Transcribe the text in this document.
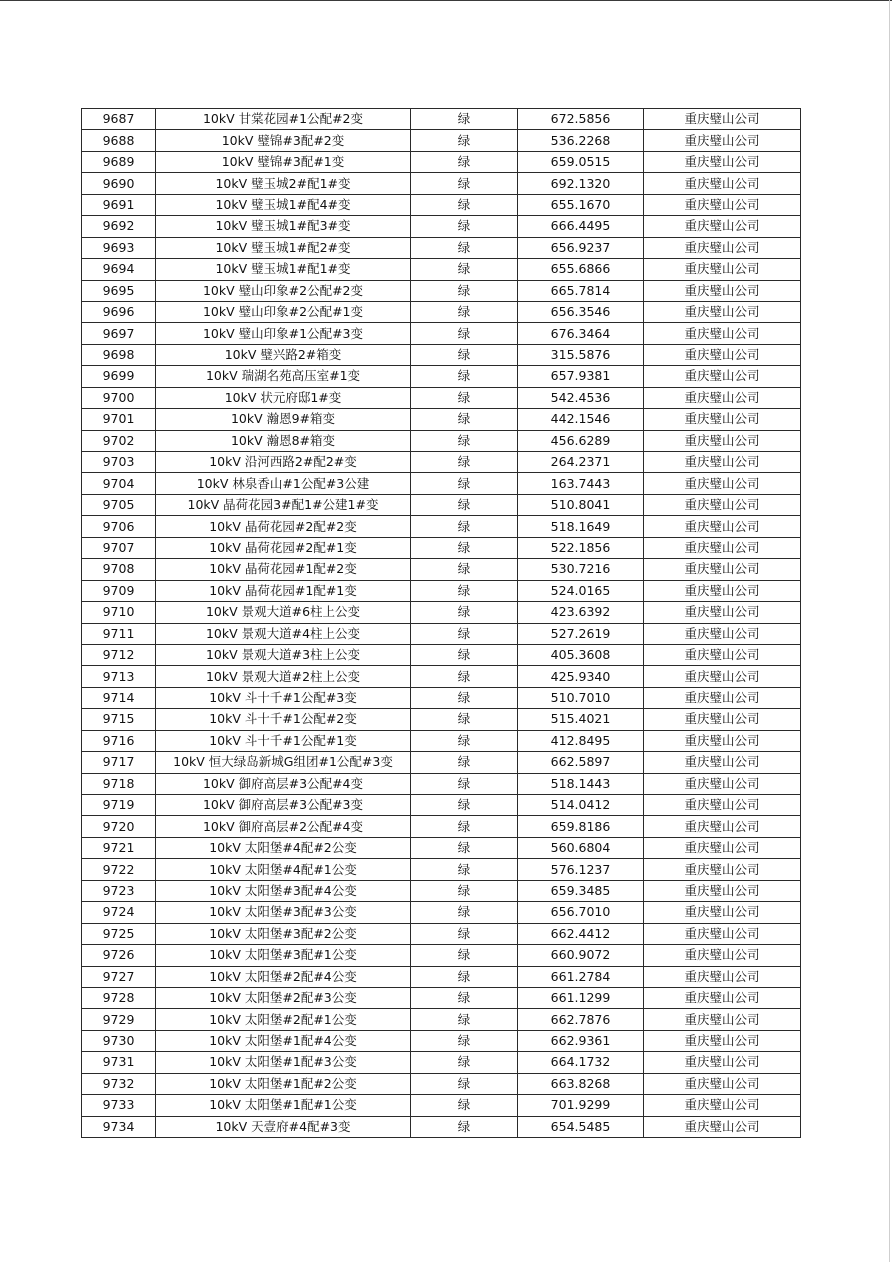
9687	10kV 甘棠花园#1公配#2变	绿	672.5856	重庆璧山公司
9688	10kV 璧锦#3配#2变	绿	536.2268	重庆璧山公司
9689	10kV 璧锦#3配#1变	绿	659.0515	重庆璧山公司
9690	10kV 璧玉城2#配1#变	绿	692.1320	重庆璧山公司
9691	10kV 璧玉城1#配4#变	绿	655.1670	重庆璧山公司
9692	10kV 璧玉城1#配3#变	绿	666.4495	重庆璧山公司
9693	10kV 璧玉城1#配2#变	绿	656.9237	重庆璧山公司
9694	10kV 璧玉城1#配1#变	绿	655.6866	重庆璧山公司
9695	10kV 璧山印象#2公配#2变	绿	665.7814	重庆璧山公司
9696	10kV 璧山印象#2公配#1变	绿	656.3546	重庆璧山公司
9697	10kV 璧山印象#1公配#3变	绿	676.3464	重庆璧山公司
9698	10kV 璧兴路2#箱变	绿	315.5876	重庆璧山公司
9699	10kV 瑞湖名苑高压室#1变	绿	657.9381	重庆璧山公司
9700	10kV 状元府邸1#变	绿	542.4536	重庆璧山公司
9701	10kV 瀚恩9#箱变	绿	442.1546	重庆璧山公司
9702	10kV 瀚恩8#箱变	绿	456.6289	重庆璧山公司
9703	10kV 沿河西路2#配2#变	绿	264.2371	重庆璧山公司
9704	10kV 林泉香山#1公配#3公建	绿	163.7443	重庆璧山公司
9705	10kV 晶荷花园3#配1#公建1#变	绿	510.8041	重庆璧山公司
9706	10kV 晶荷花园#2配#2变	绿	518.1649	重庆璧山公司
9707	10kV 晶荷花园#2配#1变	绿	522.1856	重庆璧山公司
9708	10kV 晶荷花园#1配#2变	绿	530.7216	重庆璧山公司
9709	10kV 晶荷花园#1配#1变	绿	524.0165	重庆璧山公司
9710	10kV 景观大道#6柱上公变	绿	423.6392	重庆璧山公司
9711	10kV 景观大道#4柱上公变	绿	527.2619	重庆璧山公司
9712	10kV 景观大道#3柱上公变	绿	405.3608	重庆璧山公司
9713	10kV 景观大道#2柱上公变	绿	425.9340	重庆璧山公司
9714	10kV 斗十千#1公配#3变	绿	510.7010	重庆璧山公司
9715	10kV 斗十千#1公配#2变	绿	515.4021	重庆璧山公司
9716	10kV 斗十千#1公配#1变	绿	412.8495	重庆璧山公司
9717	10kV 恒大绿岛新城G组团#1公配#3变	绿	662.5897	重庆璧山公司
9718	10kV 御府高层#3公配#4变	绿	518.1443	重庆璧山公司
9719	10kV 御府高层#3公配#3变	绿	514.0412	重庆璧山公司
9720	10kV 御府高层#2公配#4变	绿	659.8186	重庆璧山公司
9721	10kV 太阳堡#4配#2公变	绿	560.6804	重庆璧山公司
9722	10kV 太阳堡#4配#1公变	绿	576.1237	重庆璧山公司
9723	10kV 太阳堡#3配#4公变	绿	659.3485	重庆璧山公司
9724	10kV 太阳堡#3配#3公变	绿	656.7010	重庆璧山公司
9725	10kV 太阳堡#3配#2公变	绿	662.4412	重庆璧山公司
9726	10kV 太阳堡#3配#1公变	绿	660.9072	重庆璧山公司
9727	10kV 太阳堡#2配#4公变	绿	661.2784	重庆璧山公司
9728	10kV 太阳堡#2配#3公变	绿	661.1299	重庆璧山公司
9729	10kV 太阳堡#2配#1公变	绿	662.7876	重庆璧山公司
9730	10kV 太阳堡#1配#4公变	绿	662.9361	重庆璧山公司
9731	10kV 太阳堡#1配#3公变	绿	664.1732	重庆璧山公司
9732	10kV 太阳堡#1配#2公变	绿	663.8268	重庆璧山公司
9733	10kV 太阳堡#1配#1公变	绿	701.9299	重庆璧山公司
9734	10kV 天壹府#4配#3变	绿	654.5485	重庆璧山公司
